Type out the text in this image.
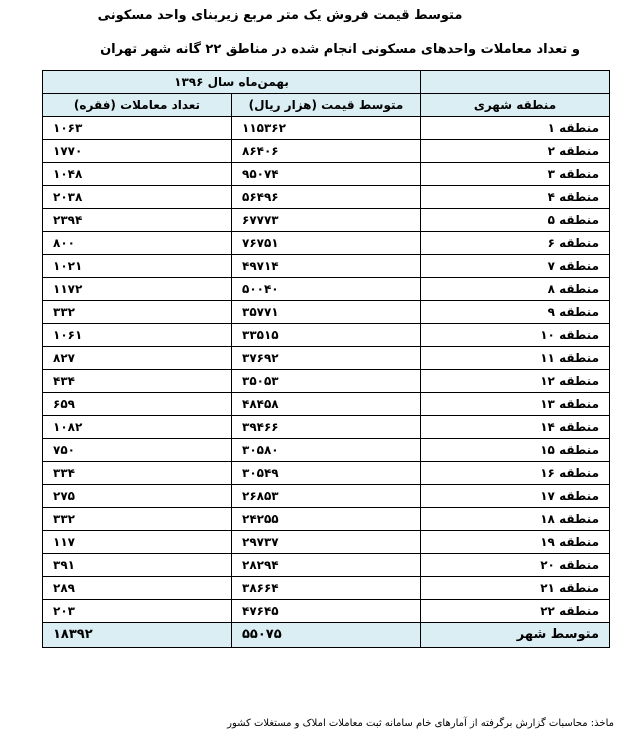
متوسط قیمت فروش یک متر مربع زیربنای واحد مسکونی
و تعداد معاملات واحدهای مسکونی انجام شده در مناطق ۲۲ گانه شهر تهران
	بهمن‌ماه سال ۱۳۹۶	
منطقه شهری	متوسط قیمت (هزار ریال)	تعداد معاملات (فقره)
منطقه ۱	۱۱۵۳۶۲	۱۰۶۳
منطقه ۲	۸۶۴۰۶	۱۷۷۰
منطقه ۳	۹۵۰۷۴	۱۰۴۸
منطقه ۴	۵۶۴۹۶	۲۰۳۸
منطقه ۵	۶۷۷۷۳	۲۳۹۴
منطقه ۶	۷۶۷۵۱	۸۰۰
منطقه ۷	۴۹۷۱۴	۱۰۲۱
منطقه ۸	۵۰۰۴۰	۱۱۷۲
منطقه ۹	۳۵۷۷۱	۳۳۲
منطقه ۱۰	۳۳۵۱۵	۱۰۶۱
منطقه ۱۱	۳۷۶۹۲	۸۲۷
منطقه ۱۲	۳۵۰۵۳	۴۳۴
منطقه ۱۳	۴۸۴۵۸	۶۵۹
منطقه ۱۴	۳۹۴۶۶	۱۰۸۲
منطقه ۱۵	۳۰۵۸۰	۷۵۰
منطقه ۱۶	۳۰۵۴۹	۳۳۴
منطقه ۱۷	۲۶۸۵۳	۲۷۵
منطقه ۱۸	۲۴۲۵۵	۳۳۲
منطقه ۱۹	۲۹۷۳۷	۱۱۷
منطقه ۲۰	۲۸۲۹۴	۳۹۱
منطقه ۲۱	۳۸۶۶۴	۲۸۹
منطقه ۲۲	۴۷۶۴۵	۲۰۳
متوسط شهر	۵۵۰۷۵	۱۸۳۹۲
ماخذ: محاسبات گزارش برگرفته از آمارهای خام سامانه ثبت معاملات املاک و مستغلات کشور
